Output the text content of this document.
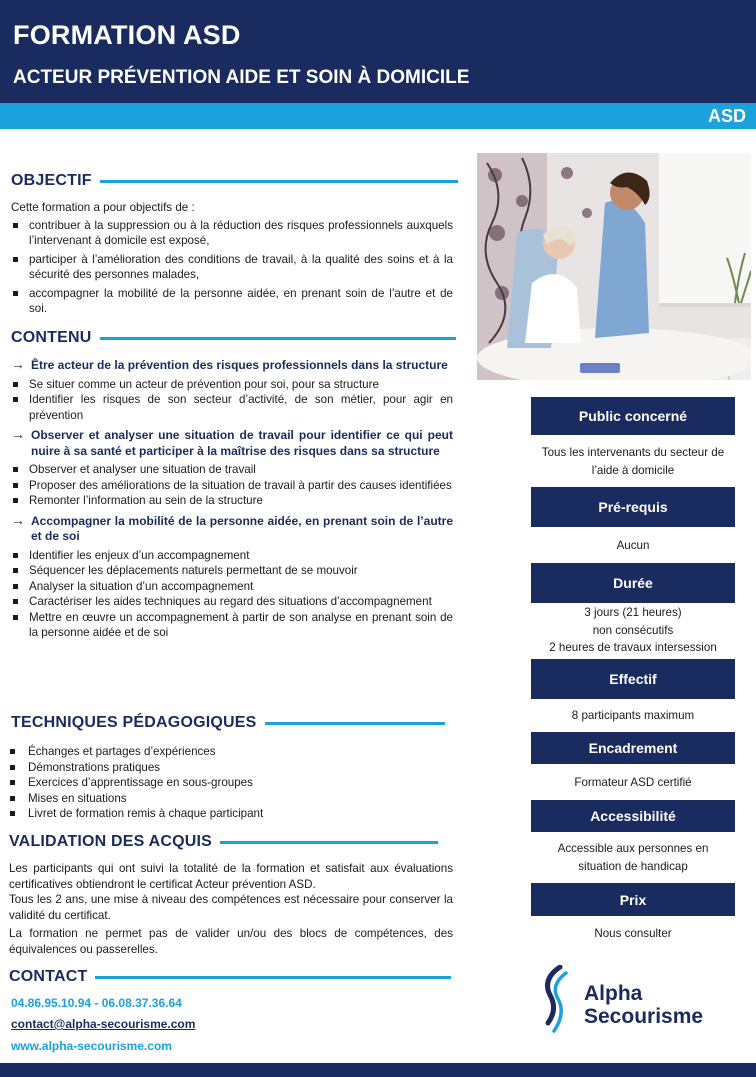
FORMATION ASD
ACTEUR PRÉVENTION AIDE ET SOIN À DOMICILE
ASD
OBJECTIF
Cette formation a pour objectifs de :
contribuer à la suppression ou à la réduction des risques professionnels auxquels l’intervenant à domicile est exposé,
participer à l’amélioration des conditions de travail, à la qualité des soins et à la sécurité des personnes malades,
accompagner la mobilité de la personne aidée, en prenant soin de l’autre et de soi.
CONTENU
→ Être acteur de la prévention des risques professionnels dans la structure
Se situer comme un acteur de prévention pour soi, pour sa structure
Identifier les risques de son secteur d’activité, de son métier, pour agir en prévention
→ Observer et analyser une situation de travail pour identifier ce qui peut nuire à sa santé et participer à la maîtrise des risques dans sa structure
Observer et analyser une situation de travail
Proposer des améliorations de la situation de travail à partir des causes identifiées
Remonter l’information au sein de la structure
→ Accompagner la mobilité de la personne aidée, en prenant soin de l’autre et de soi
Identifier les enjeux d’un accompagnement
Séquencer les déplacements naturels permettant de se mouvoir
Analyser la situation d’un accompagnement
Caractériser les aides techniques au regard des situations d’accompagnement
Mettre en œuvre un accompagnement à partir de son analyse en prenant soin de la personne aidée et de soi
TECHNIQUES PÉDAGOGIQUES
Échanges et partages d’expériences
Démonstrations pratiques
Exercices d’apprentissage en sous-groupes
Mises en situations
Livret de formation remis à chaque participant
VALIDATION DES ACQUIS
Les participants qui ont suivi la totalité de la formation et satisfait aux évaluations certificatives obtiendront le certificat Acteur prévention ASD.
Tous les 2 ans, une mise à niveau des compétences est nécessaire pour conserver la validité du certificat.
La formation ne permet pas de valider un/ou des blocs de compétences, des équivalences ou passerelles.
CONTACT
04.86.95.10.94 - 06.08.37.36.64
contact@alpha-secourisme.com
www.alpha-secourisme.com
Public concerné
Tous les intervenants du secteur de l’aide à domicile
Pré-requis
Aucun
Durée
3 jours (21 heures)
non consécutifs
2 heures de travaux intersession
Effectif
8 participants maximum
Encadrement
Formateur ASD certifié
Accessibilité
Accessible aux personnes en situation de handicap
Prix
Nous consulter
Alpha
Secourisme
